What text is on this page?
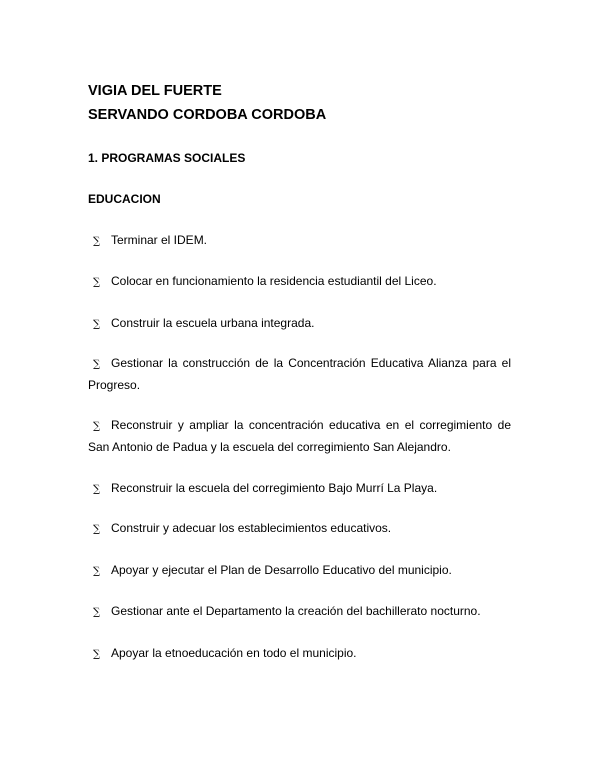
VIGIA DEL FUERTE
SERVANDO CORDOBA CORDOBA
1. PROGRAMAS SOCIALES
EDUCACION
∑ Terminar el IDEM.
∑ Colocar en funcionamiento la residencia estudiantil del Liceo.
∑ Construir la escuela urbana integrada.
∑ Gestionar la construcción de la Concentración Educativa Alianza para el Progreso.
∑ Reconstruir y ampliar la concentración educativa en el corregimiento de San Antonio de Padua y la escuela del corregimiento San Alejandro.
∑ Reconstruir la escuela del corregimiento Bajo Murrí La Playa.
∑ Construir y adecuar los establecimientos educativos.
∑ Apoyar y ejecutar el Plan de Desarrollo Educativo del municipio.
∑ Gestionar ante el Departamento la creación del bachillerato nocturno.
∑ Apoyar la etnoeducación en todo el municipio.
